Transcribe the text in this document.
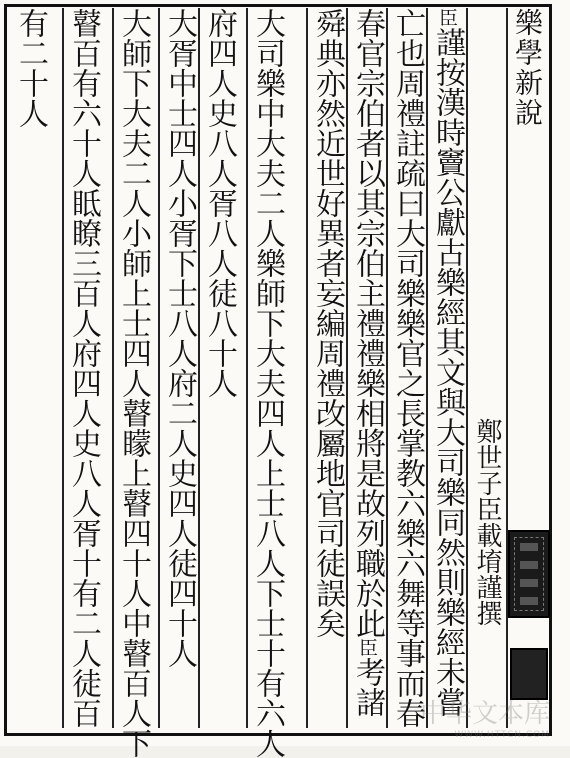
樂學新說
鄭世子臣載堉謹撰
臣謹按漢時竇公獻古樂經其文與大司樂同然則樂經未嘗
亡也周禮註疏曰大司樂樂官之長掌教六樂六舞等事而春
春官宗伯者以其宗伯主禮禮樂相將是故列職於此臣考諸
舜典亦然近世好異者妄編周禮改屬地官司徒誤矣
大司樂中大夫二人樂師下大夫四人上士八人下士十有六人
府四人史八人胥八人徒八十人
大胥中士四人小胥下士八人府二人史四人徒四十人
大師下大夫二人小師上士四人瞽矇上瞽四十人中瞽百人下
瞽百有六十人眡瞭三百人府四人史八人胥十有二人徒百
有二十人
中华文本库
WWW.HTTCN.COM
